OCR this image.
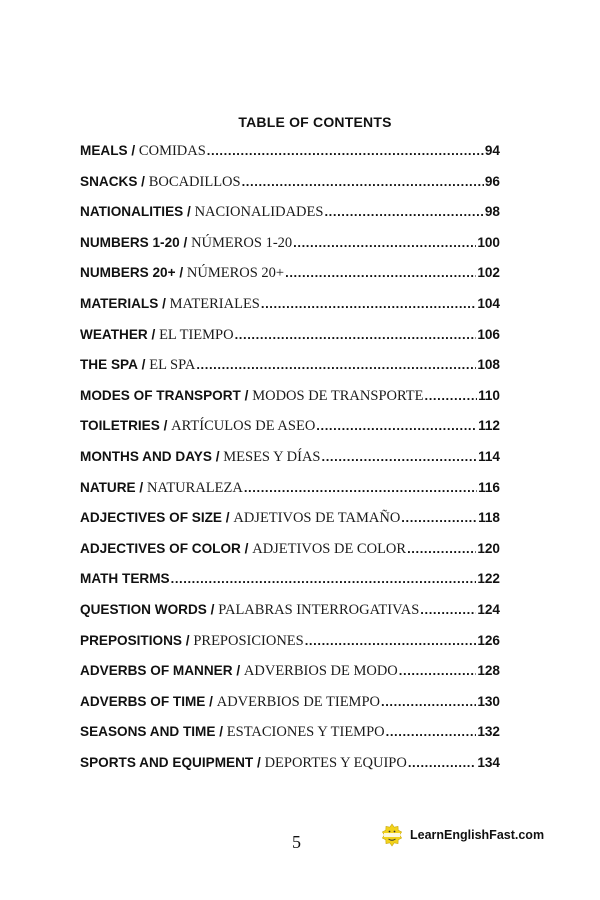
TABLE OF CONTENTS
MEALS / COMIDAS .....	94
SNACKS / BOCADILLOS .....	96
NATIONALITIES / NACIONALIDADES .....	98
NUMBERS 1-20 / NÚMEROS 1-20 .....	100
NUMBERS 20+ / NÚMEROS 20+ .....	102
MATERIALS / MATERIALES .....	104
WEATHER / EL TIEMPO .....	106
THE SPA / EL SPA .....	108
MODES OF TRANSPORT / MODOS DE TRANSPORTE .....	110
TOILETRIES / ARTÍCULOS DE ASEO .....	112
MONTHS AND DAYS / MESES Y DÍAS .....	114
NATURE / NATURALEZA .....	116
ADJECTIVES OF SIZE / ADJETIVOS DE TAMAÑO .....	118
ADJECTIVES OF COLOR / ADJETIVOS DE COLOR .....	120
MATH TERMS .....	122
QUESTION WORDS / PALABRAS INTERROGATIVAS .....	124
PREPOSITIONS / PREPOSICIONES .....	126
ADVERBS OF MANNER / ADVERBIOS DE MODO .....	128
ADVERBS OF TIME / ADVERBIOS DE TIEMPO .....	130
SEASONS AND TIME / ESTACIONES Y TIEMPO .....	132
SPORTS AND EQUIPMENT / DEPORTES Y EQUIPO .....	134
5	LearnEnglishFast.com
